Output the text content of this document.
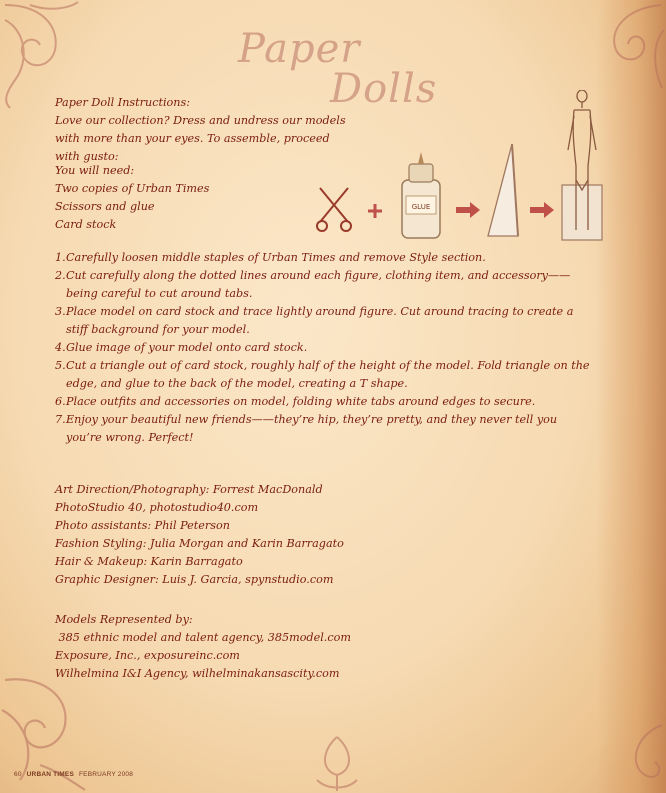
Paper
Dolls
Paper Doll Instructions:
Love our collection? Dress and undress our models
with more than your eyes. To assemble, proceed with gusto:
You will need:
Two copies of Urban Times
Scissors and glue
Card stock
GLUE
1. Carefully loosen middle staples of Urban Times and remove Style section.
2. Cut carefully along the dotted lines around each figure, clothing item, and accessory——being careful to cut around tabs.
3. Place model on card stock and trace lightly around figure. Cut around tracing to create a stiff background for your model.
4. Glue image of your model onto card stock.
5. Cut a triangle out of card stock, roughly half of the height of the model. Fold triangle on the edge, and glue to the back of the model, creating a T shape.
6. Place outfits and accessories on model, folding white tabs around edges to secure.
7. Enjoy your beautiful new friends——they’re hip, they’re pretty, and they never tell you you’re wrong. Perfect!
Art Direction/Photography: Forrest MacDonald
PhotoStudio 40, photostudio40.com
Photo assistants: Phil Peterson
Fashion Styling: Julia Morgan and Karin Barragato
Hair & Makeup: Karin Barragato
Graphic Designer: Luis J. Garcia, spynstudio.com
Models Represented by:
385 ethnic model and talent agency, 385model.com
Exposure, Inc., exposureinc.com
Wilhelmina I&I Agency, wilhelminakansascity.com
60 URBAN TIMES FEBRUARY 2008
